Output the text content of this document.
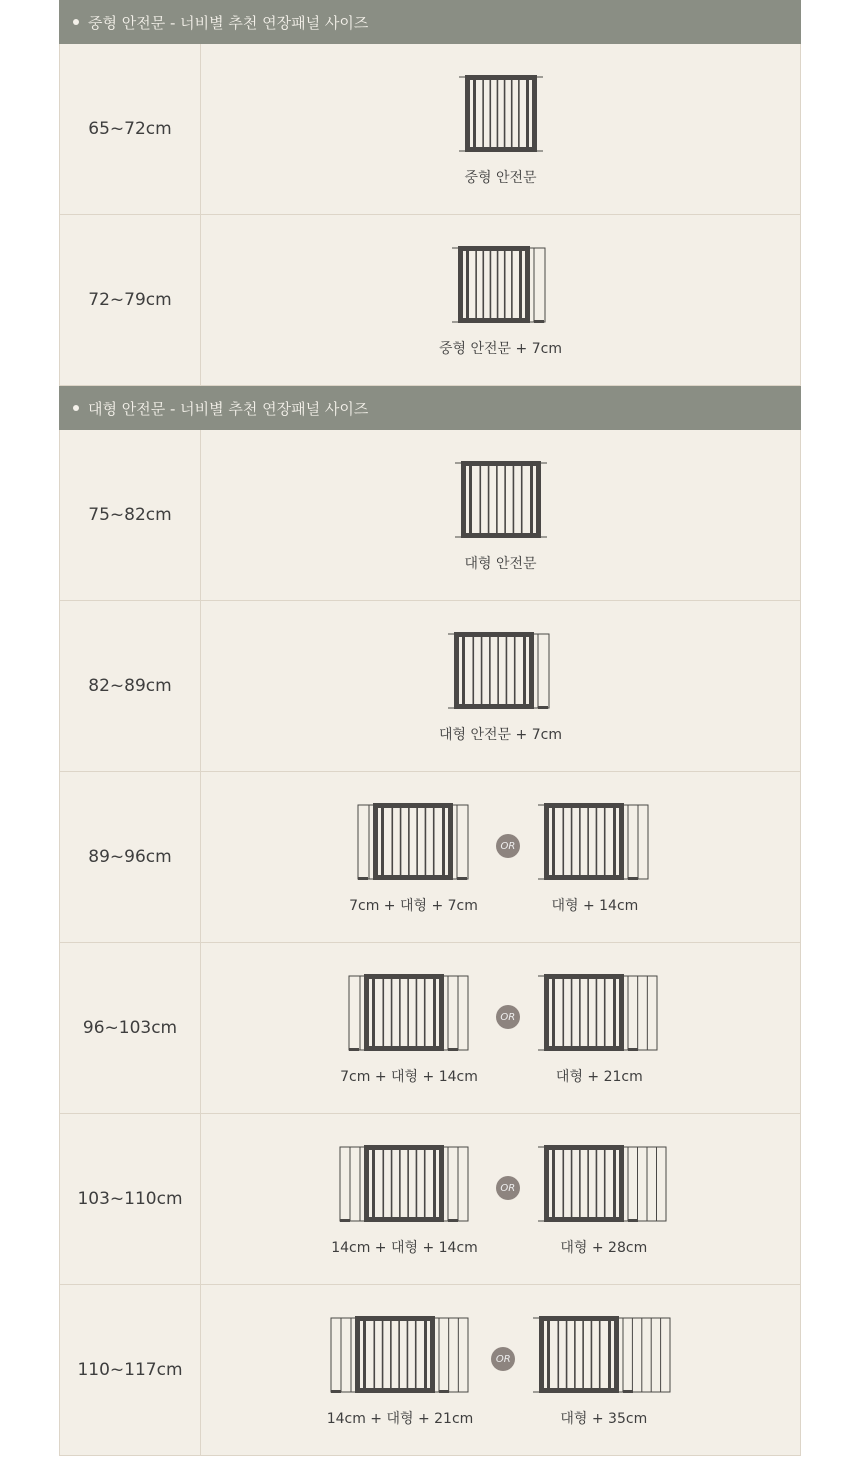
중형 안전문 - 너비별 추천 연장패널 사이즈
65~72cm
중형 안전문
72~79cm
중형 안전문 + 7cm
대형 안전문 - 너비별 추천 연장패널 사이즈
75~82cm
대형 안전문
82~89cm
대형 안전문 + 7cm
89~96cm
7cm + 대형 + 7cm
OR
대형 + 14cm
96~103cm
7cm + 대형 + 14cm
OR
대형 + 21cm
103~110cm
14cm + 대형 + 14cm
OR
대형 + 28cm
110~117cm
14cm + 대형 + 21cm
OR
대형 + 35cm
